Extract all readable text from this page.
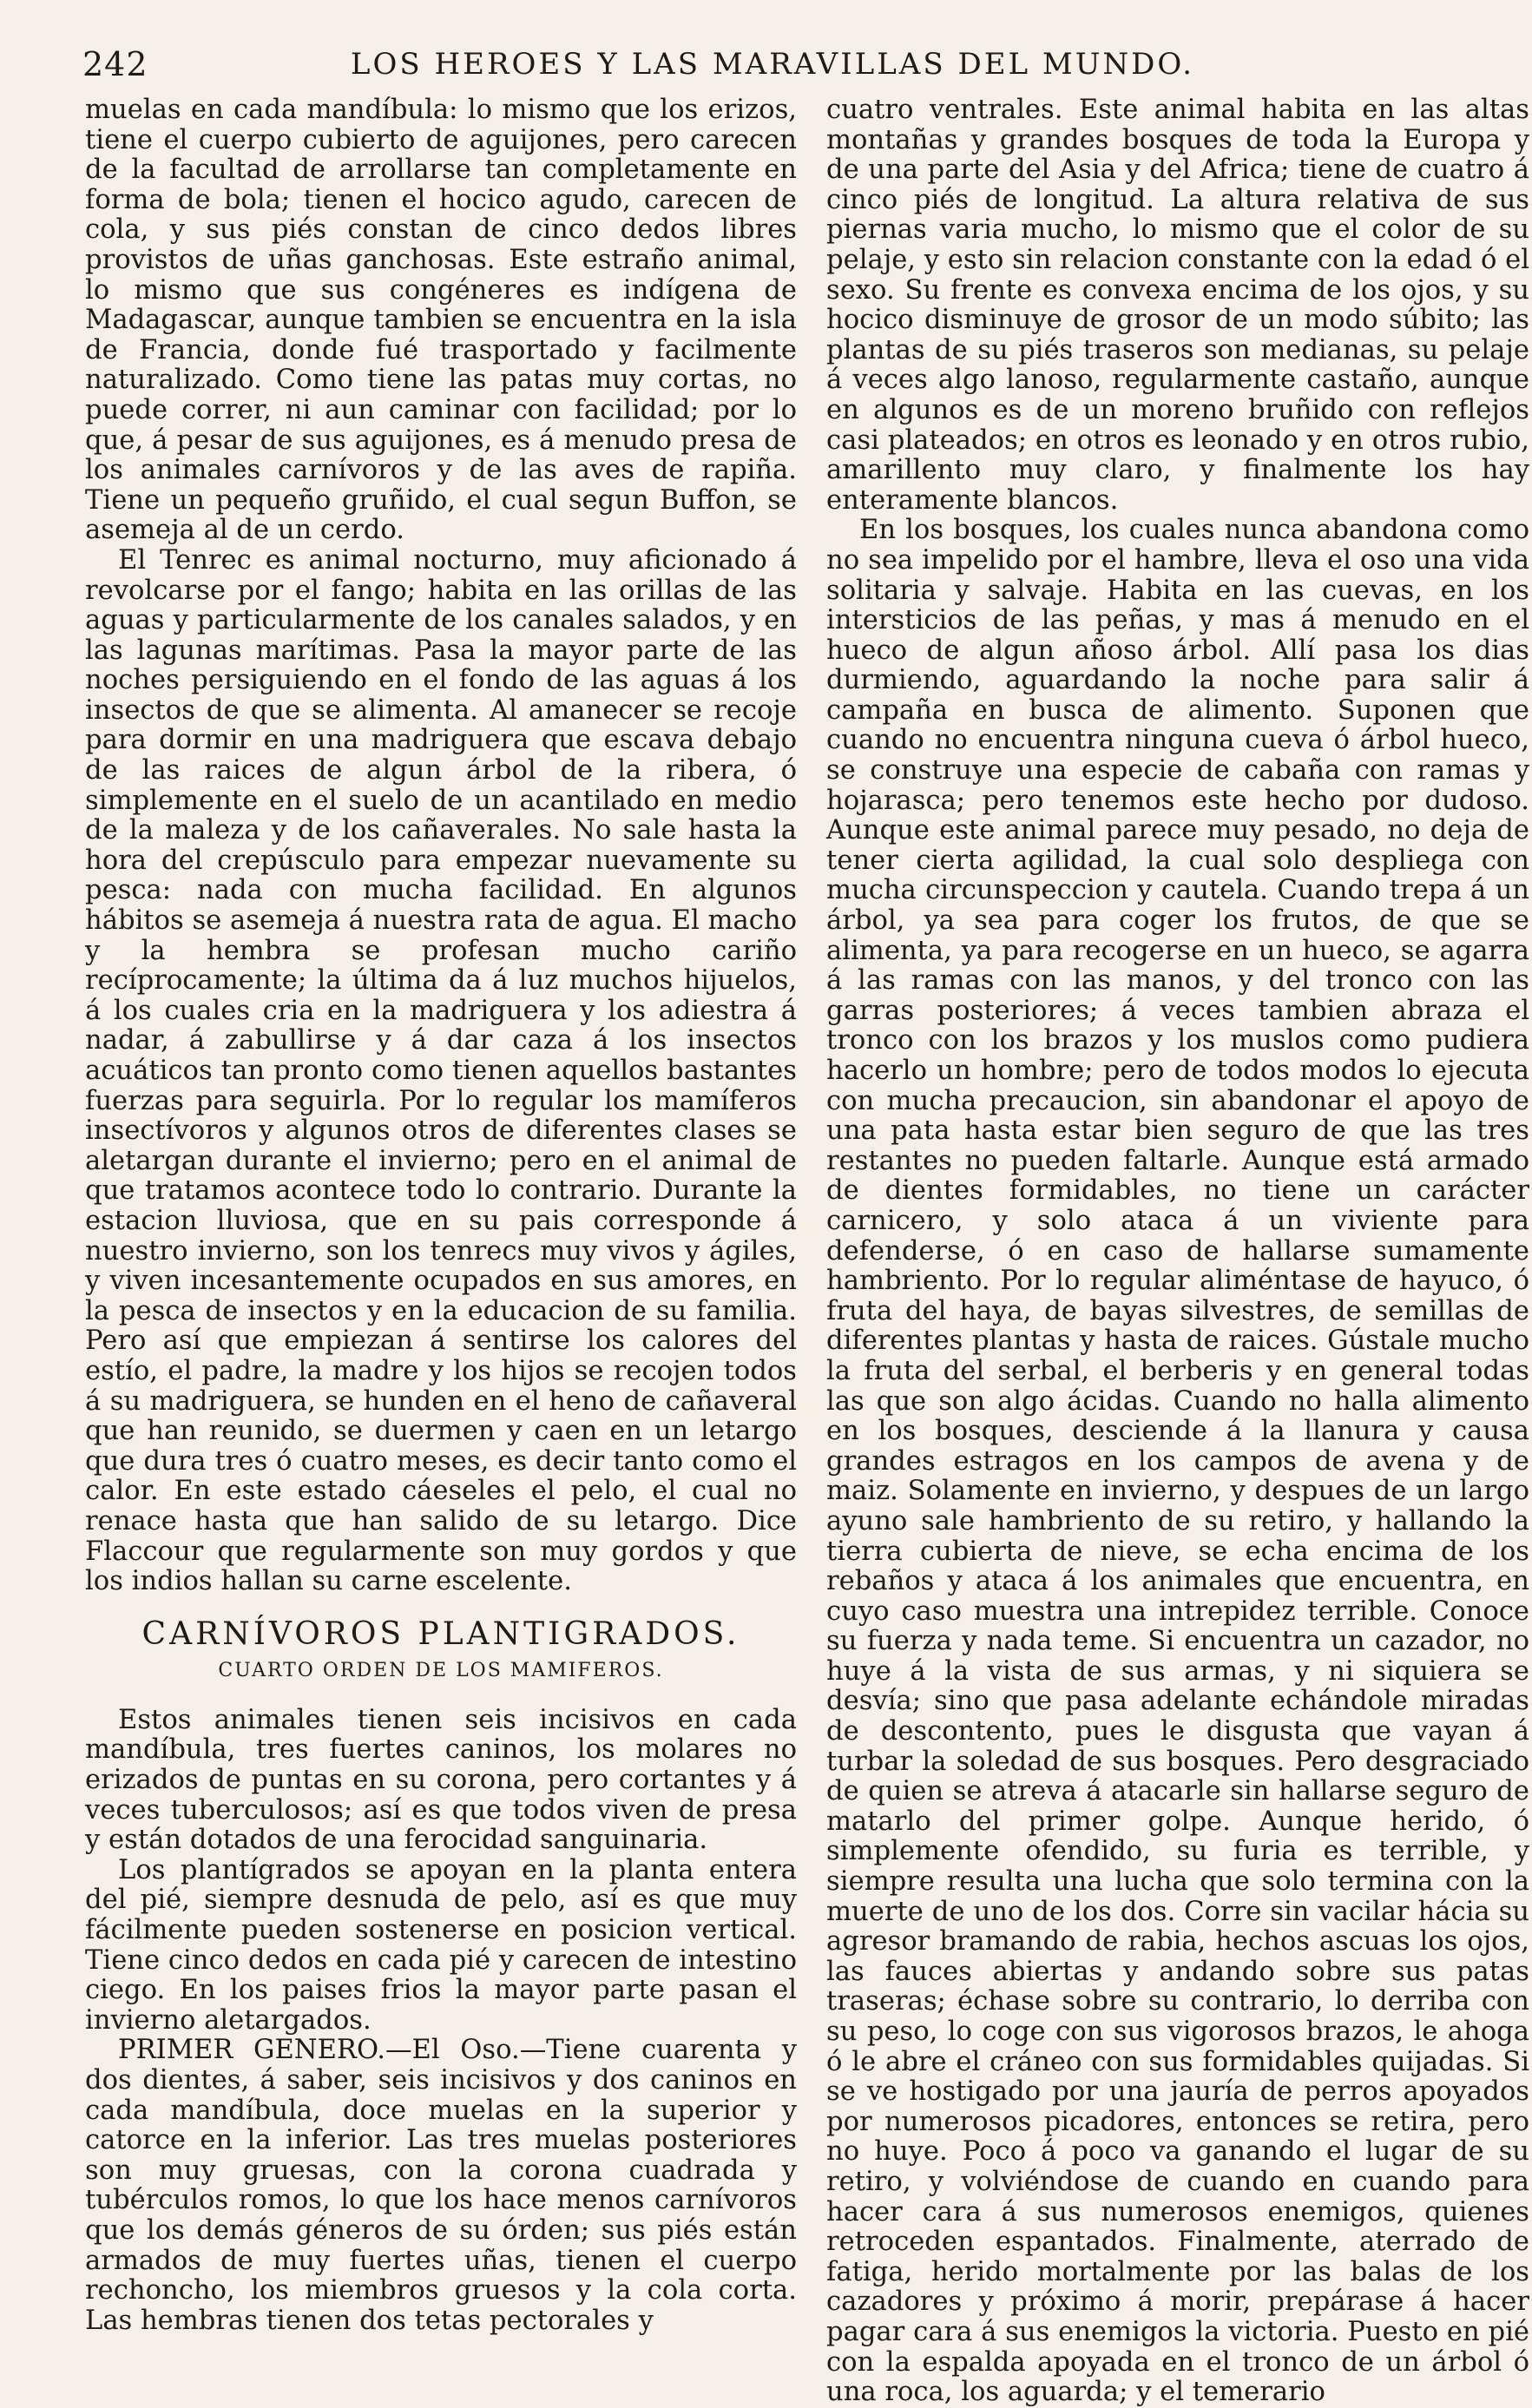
242	LOS HEROES Y LAS MARAVILLAS DEL MUNDO.

muelas en cada mandíbula: lo mismo que los erizos, tiene el cuerpo cubierto de aguijones, pero carecen de la facultad de arrollarse tan completamente en forma de bola; tienen el hocico agudo, carecen de cola, y sus piés constan de cinco dedos libres provistos de uñas ganchosas. Este estraño animal, lo mismo que sus congéneres es indígena de Madagascar, aunque tambien se encuentra en la isla de Francia, donde fué trasportado y facilmente naturalizado. Como tiene las patas muy cortas, no puede correr, ni aun caminar con facilidad; por lo que, á pesar de sus aguijones, es á menudo presa de los animales carnívoros y de las aves de rapiña. Tiene un pequeño gruñido, el cual segun Buffon, se asemeja al de un cerdo.

El Tenrec es animal nocturno, muy aficionado á revolcarse por el fango; habita en las orillas de las aguas y particularmente de los canales salados, y en las lagunas marítimas. Pasa la mayor parte de las noches persiguiendo en el fondo de las aguas á los insectos de que se alimenta. Al amanecer se recoje para dormir en una madriguera que escava debajo de las raices de algun árbol de la ribera, ó simplemente en el suelo de un acantilado en medio de la maleza y de los cañaverales. No sale hasta la hora del crepúsculo para empezar nuevamente su pesca: nada con mucha facilidad. En algunos hábitos se asemeja á nuestra rata de agua. El macho y la hembra se profesan mucho cariño recíprocamente; la última da á luz muchos hijuelos, á los cuales cria en la madriguera y los adiestra á nadar, á zabullirse y á dar caza á los insectos acuáticos tan pronto como tienen aquellos bastantes fuerzas para seguirla. Por lo regular los mamíferos insectívoros y algunos otros de diferentes clases se aletargan durante el invierno; pero en el animal de que tratamos acontece todo lo contrario. Durante la estacion lluviosa, que en su pais corresponde á nuestro invierno, son los tenrecs muy vivos y ágiles, y viven incesantemente ocupados en sus amores, en la pesca de insectos y en la educacion de su familia. Pero así que empiezan á sentirse los calores del estío, el padre, la madre y los hijos se recojen todos á su madriguera, se hunden en el heno de cañaveral que han reunido, se duermen y caen en un letargo que dura tres ó cuatro meses, es decir tanto como el calor. En este estado cáeseles el pelo, el cual no renace hasta que han salido de su letargo. Dice Flaccour que regularmente son muy gordos y que los indios hallan su carne escelente.

CARNÍVOROS PLANTIGRADOS.
CUARTO ORDEN DE LOS MAMIFEROS.

Estos animales tienen seis incisivos en cada mandíbula, tres fuertes caninos, los molares no erizados de puntas en su corona, pero cortantes y á veces tuberculosos; así es que todos viven de presa y están dotados de una ferocidad sanguinaria.

Los plantígrados se apoyan en la planta entera del pié, siempre desnuda de pelo, así es que muy fácilmente pueden sostenerse en posicion vertical. Tiene cinco dedos en cada pié y carecen de intestino ciego. En los paises frios la mayor parte pasan el invierno aletargados.

PRIMER GENERO.—El Oso.—Tiene cuarenta y dos dientes, á saber, seis incisivos y dos caninos en cada mandíbula, doce muelas en la superior y catorce en la inferior. Las tres muelas posteriores son muy gruesas, con la corona cuadrada y tubérculos romos, lo que los hace menos carnívoros que los demás géneros de su órden; sus piés están armados de muy fuertes uñas, tienen el cuerpo rechoncho, los miembros gruesos y la cola corta. Las hembras tienen dos tetas pectorales y

cuatro ventrales. Este animal habita en las altas montañas y grandes bosques de toda la Europa y de una parte del Asia y del Africa; tiene de cuatro á cinco piés de longitud. La altura relativa de sus piernas varia mucho, lo mismo que el color de su pelaje, y esto sin relacion constante con la edad ó el sexo. Su frente es convexa encima de los ojos, y su hocico disminuye de grosor de un modo súbito; las plantas de su piés traseros son medianas, su pelaje á veces algo lanoso, regularmente castaño, aunque en algunos es de un moreno bruñido con reflejos casi plateados; en otros es leonado y en otros rubio, amarillento muy claro, y finalmente los hay enteramente blancos.

En los bosques, los cuales nunca abandona como no sea impelido por el hambre, lleva el oso una vida solitaria y salvaje. Habita en las cuevas, en los intersticios de las peñas, y mas á menudo en el hueco de algun añoso árbol. Allí pasa los dias durmiendo, aguardando la noche para salir á campaña en busca de alimento. Suponen que cuando no encuentra ninguna cueva ó árbol hueco, se construye una especie de cabaña con ramas y hojarasca; pero tenemos este hecho por dudoso. Aunque este animal parece muy pesado, no deja de tener cierta agilidad, la cual solo despliega con mucha circunspeccion y cautela. Cuando trepa á un árbol, ya sea para coger los frutos, de que se alimenta, ya para recogerse en un hueco, se agarra á las ramas con las manos, y del tronco con las garras posteriores; á veces tambien abraza el tronco con los brazos y los muslos como pudiera hacerlo un hombre; pero de todos modos lo ejecuta con mucha precaucion, sin abandonar el apoyo de una pata hasta estar bien seguro de que las tres restantes no pueden faltarle. Aunque está armado de dientes formidables, no tiene un carácter carnicero, y solo ataca á un viviente para defenderse, ó en caso de hallarse sumamente hambriento. Por lo regular aliméntase de hayuco, ó fruta del haya, de bayas silvestres, de semillas de diferentes plantas y hasta de raices. Gústale mucho la fruta del serbal, el berberis y en general todas las que son algo ácidas. Cuando no halla alimento en los bosques, desciende á la llanura y causa grandes estragos en los campos de avena y de maiz. Solamente en invierno, y despues de un largo ayuno sale hambriento de su retiro, y hallando la tierra cubierta de nieve, se echa encima de los rebaños y ataca á los animales que encuentra, en cuyo caso muestra una intrepidez terrible. Conoce su fuerza y nada teme. Si encuentra un cazador, no huye á la vista de sus armas, y ni siquiera se desvía; sino que pasa adelante echándole miradas de descontento, pues le disgusta que vayan á turbar la soledad de sus bosques. Pero desgraciado de quien se atreva á atacarle sin hallarse seguro de matarlo del primer golpe. Aunque herido, ó simplemente ofendido, su furia es terrible, y siempre resulta una lucha que solo termina con la muerte de uno de los dos. Corre sin vacilar hácia su agresor bramando de rabia, hechos ascuas los ojos, las fauces abiertas y andando sobre sus patas traseras; échase sobre su contrario, lo derriba con su peso, lo coge con sus vigorosos brazos, le ahoga ó le abre el cráneo con sus formidables quijadas. Si se ve hostigado por una jauría de perros apoyados por numerosos picadores, entonces se retira, pero no huye. Poco á poco va ganando el lugar de su retiro, y volviéndose de cuando en cuando para hacer cara á sus numerosos enemigos, quienes retroceden espantados. Finalmente, aterrado de fatiga, herido mortalmente por las balas de los cazadores y próximo á morir, prepárase á hacer pagar cara á sus enemigos la victoria. Puesto en pié con la espalda apoyada en el tronco de un árbol ó una roca, los aguarda; y el temerario
